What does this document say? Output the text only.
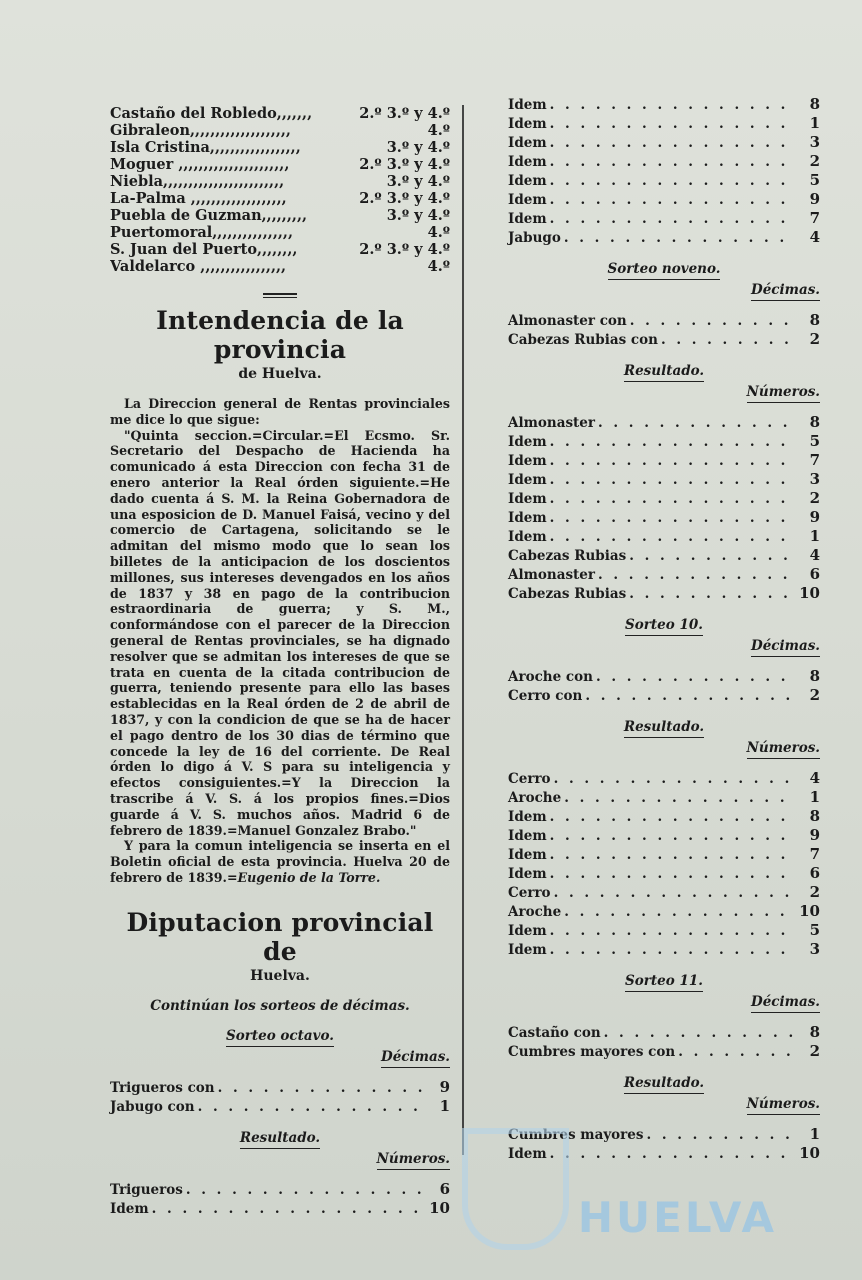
Castaño del Robledo,,,,,,,	2.º 3.º y 4.º
Gibraleon,,,,,,,,,,,,,,,,,,,,	4.º
Isla Cristina,,,,,,,,,,,,,,,,,,	3.º y 4.º
Moguer ,,,,,,,,,,,,,,,,,,,,,,	2.º 3.º y 4.º
Niebla,,,,,,,,,,,,,,,,,,,,,,,,	3.º y 4.º
La-Palma ,,,,,,,,,,,,,,,,,,,	2.º 3.º y 4.º
Puebla de Guzman,,,,,,,,,	3.º y 4.º
Puertomoral,,,,,,,,,,,,,,,,	4.º
S. Juan del Puerto,,,,,,,,	2.º 3.º y 4.º
Valdelarco ,,,,,,,,,,,,,,,,,	4.º
Intendencia de la provincia
de Huelva.

La Direccion general de Rentas provinciales me dice lo que sigue:

"Quinta seccion.=Circular.=El Ecsmo. Sr. Secretario del Despacho de Hacienda ha comunicado á esta Direccion con fecha 31 de enero anterior la Real órden siguiente.=He dado cuenta á S. M. la Reina Gobernadora de una esposicion de D. Manuel Faisá, vecino y del comercio de Cartagena, solicitando se le admitan del mismo modo que lo sean los billetes de la anticipacion de los doscientos millones, sus intereses devengados en los años de 1837 y 38 en pago de la contribucion estraordinaria de guerra; y S. M., conformándose con el parecer de la Direccion general de Rentas provinciales, se ha dignado resolver que se admitan los intereses de que se trata en cuenta de la citada contribucion de guerra, teniendo presente para ello las bases establecidas en la Real órden de 2 de abril de 1837, y con la condicion de que se ha de hacer el pago dentro de los 30 dias de término que concede la ley de 16 del corriente. De Real órden lo digo á V. S para su inteligencia y efectos consiguientes.=Y la Direccion la trascribe á V. S. á los propios fines.=Dios guarde á V. S. muchos años. Madrid 6 de febrero de 1839.=Manuel Gonzalez Brabo."

Y para la comun inteligencia se inserta en el Boletin oficial de esta provincia. Huelva 20 de febrero de 1839.=Eugenio de la Torre.

Diputacion provincial de
Huelva.
Continúan los sorteos de décimas.
Sorteo octavo.
Décimas.
Trigueros con . . .	9
Jabugo con . . .	1
Resultado.
Números.
Trigueros . . .	6
Idem . . .	10
Idem . . .	8
Idem . . .	1
Idem . . .	3
Idem . . .	2
Idem . . .	5
Idem . . .	9
Idem . . .	7
Jabugo . . .	4
Sorteo noveno.
Décimas.
Almonaster con . . .	8
Cabezas Rubias con . . .	2
Resultado.
Números.
Almonaster . . .	8
Idem . . .	5
Idem . . .	7
Idem . . .	3
Idem . . .	2
Idem . . .	9
Idem . . .	1
Cabezas Rubias . . .	4
Almonaster . . .	6
Cabezas Rubias . . .	10
Sorteo 10.
Décimas.
Aroche con . . .	8
Cerro con . . .	2
Resultado.
Números.
Cerro . . .	4
Aroche . . .	1
Idem . . .	8
Idem . . .	9
Idem . . .	7
Idem . . .	6
Cerro . . .	2
Aroche . . .	10
Idem . . .	5
Idem . . .	3
Sorteo 11.
Décimas.
Castaño con . . .	8
Cumbres mayores con . . .	2
Resultado.
Números.
Cumbres mayores . . .	1
Idem . . .	10
HUELVA
